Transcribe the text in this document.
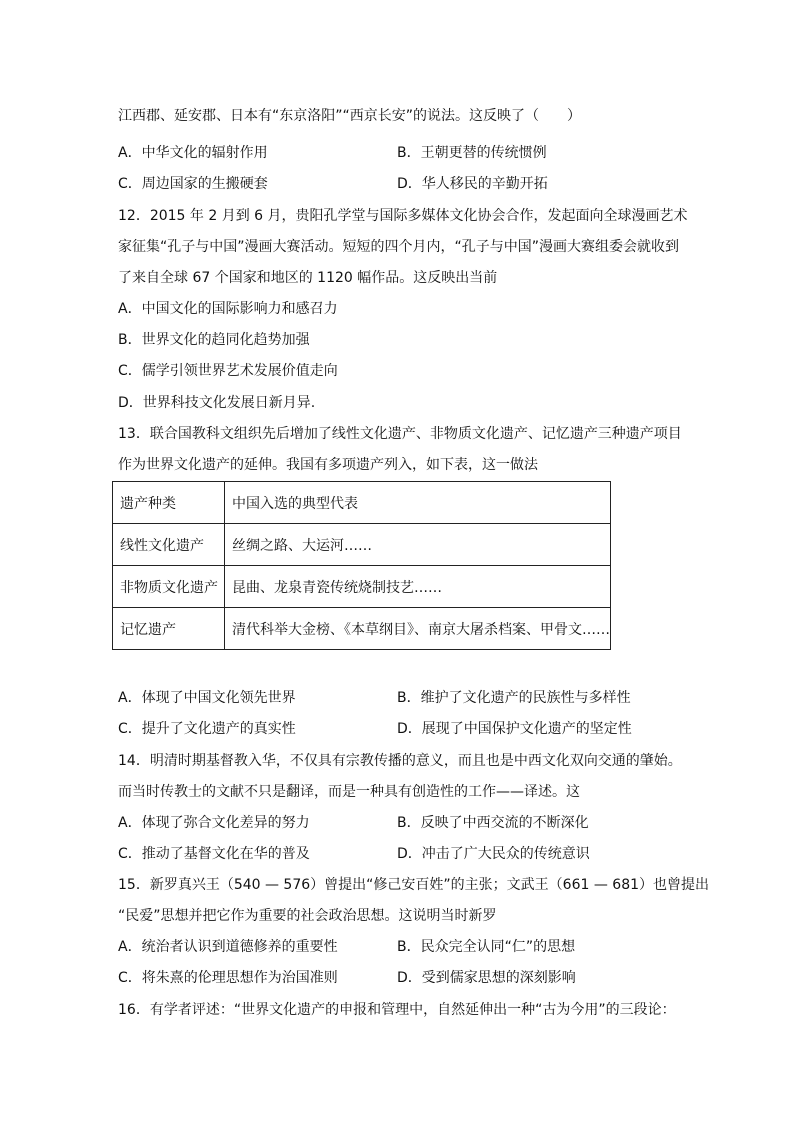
江西郡、延安郡、日本有“东京洛阳”“西京长安”的说法。这反映了（　　）
A．中华文化的辐射作用	B．王朝更替的传统惯例
C．周边国家的生搬硬套	D．华人移民的辛勤开拓
12．2015 年 2 月到 6 月，贵阳孔学堂与国际多媒体文化协会合作，发起面向全球漫画艺术
家征集“孔子与中国”漫画大赛活动。短短的四个月内，“孔子与中国”漫画大赛组委会就收到
了来自全球 67 个国家和地区的 1120 幅作品。这反映出当前
A．中国文化的国际影响力和感召力
B．世界文化的趋同化趋势加强
C．儒学引领世界艺术发展价值走向
D．世界科技文化发展日新月异.
13．联合国教科文组织先后增加了线性文化遗产、非物质文化遗产、记忆遗产三种遗产项目
作为世界文化遗产的延伸。我国有多项遗产列入，如下表，这一做法
遗产种类	中国入选的典型代表
线性文化遗产	丝绸之路、大运河……
非物质文化遗产	昆曲、龙泉青瓷传统烧制技艺……
记忆遗产	清代科举大金榜、《本草纲目》、南京大屠杀档案、甲骨文……
A．体现了中国文化领先世界	B．维护了文化遗产的民族性与多样性
C．提升了文化遗产的真实性	D．展现了中国保护文化遗产的坚定性
14．明清时期基督教入华，不仅具有宗教传播的意义，而且也是中西文化双向交通的肇始。
而当时传教士的文献不只是翻译，而是一种具有创造性的工作——译述。这
A．体现了弥合文化差异的努力	B．反映了中西交流的不断深化
C．推动了基督文化在华的普及	D．冲击了广大民众的传统意识
15．新罗真兴王（540 — 576）曾提出“修己安百姓”的主张；文武王（661 — 681）也曾提出
“民爱”思想并把它作为重要的社会政治思想。这说明当时新罗
A．统治者认识到道德修养的重要性	B．民众完全认同“仁”的思想
C．将朱熹的伦理思想作为治国准则	D．受到儒家思想的深刻影响
16．有学者评述：“世界文化遗产的申报和管理中，自然延伸出一种“古为今用”的三段论：
